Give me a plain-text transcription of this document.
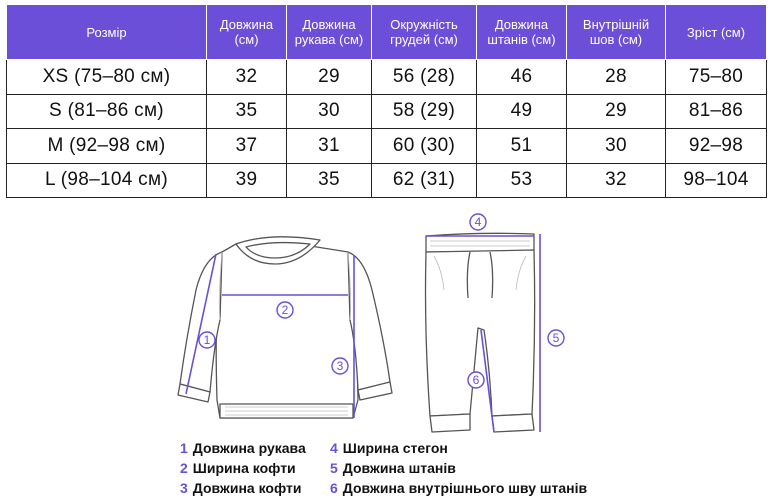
Розмір	Довжина (см)	Довжина рукава (см)	Окружність грудей (см)	Довжина штанів (см)	Внутрішній шов (см)	Зріст (см)
XS (75–80 см)	32	29	56 (28)	46	28	75–80
S (81–86 см)	35	30	58 (29)	49	29	81–86
M (92–98 см)	37	31	60 (30)	51	30	92–98
L (98–104 см)	39	35	62 (31)	53	32	98–104
1
2
3
4
5
6
1 Довжина рукава
2 Ширина кофти
3 Довжина кофти
4 Ширина стегон
5 Довжина штанів
6 Довжина внутрішнього шву штанів
